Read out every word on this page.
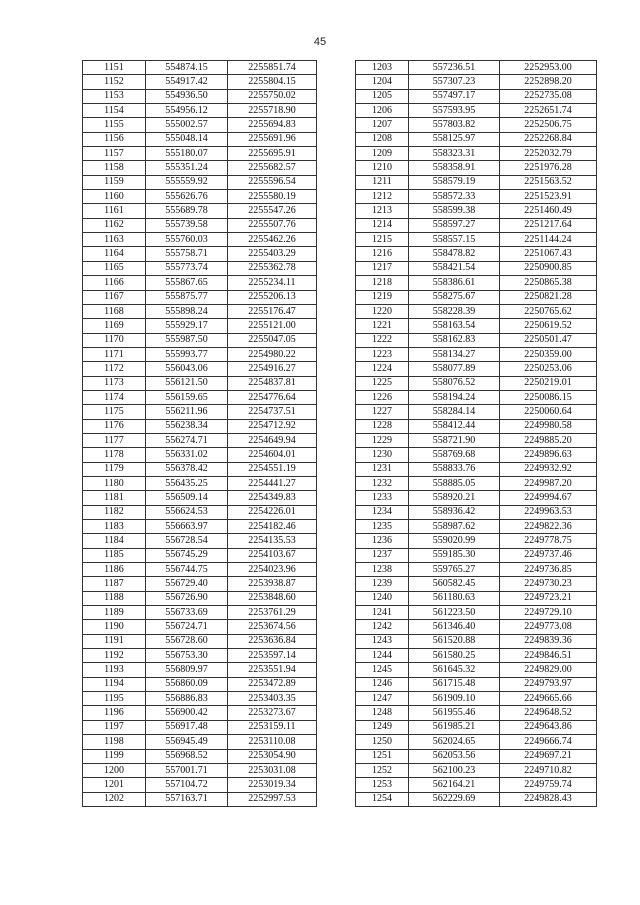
45
1151	554874.15	2255851.74
1152	554917.42	2255804.15
1153	554936.50	2255750.02
1154	554956.12	2255718.90
1155	555002.57	2255694.83
1156	555048.14	2255691.96
1157	555180.07	2255695.91
1158	555351.24	2255682.57
1159	555559.92	2255596.54
1160	555626.76	2255580.19
1161	555689.78	2255547.26
1162	555739.58	2255507.76
1163	555760.03	2255462.26
1164	555758.71	2255403.29
1165	555773.74	2255362.78
1166	555867.65	2255234.11
1167	555875.77	2255206.13
1168	555898.24	2255176.47
1169	555929.17	2255121.00
1170	555987.50	2255047.05
1171	555993.77	2254980.22
1172	556043.06	2254916.27
1173	556121.50	2254837.81
1174	556159.65	2254776.64
1175	556211.96	2254737.51
1176	556238.34	2254712.92
1177	556274.71	2254649.94
1178	556331.02	2254604.01
1179	556378.42	2254551.19
1180	556435.25	2254441.27
1181	556509.14	2254349.83
1182	556624.53	2254226.01
1183	556663.97	2254182.46
1184	556728.54	2254135.53
1185	556745.29	2254103.67
1186	556744.75	2254023.96
1187	556729.40	2253938.87
1188	556726.90	2253848.60
1189	556733.69	2253761.29
1190	556724.71	2253674.56
1191	556728.60	2253636.84
1192	556753.30	2253597.14
1193	556809.97	2253551.94
1194	556860.09	2253472.89
1195	556886.83	2253403.35
1196	556900.42	2253273.67
1197	556917.48	2253159.11
1198	556945.49	2253110.08
1199	556968.52	2253054.90
1200	557001.71	2253031.08
1201	557104.72	2253019.34
1202	557163.71	2252997.53
1203	557236.51	2252953.00
1204	557307.23	2252898.20
1205	557497.17	2252735.08
1206	557593.95	2252651.74
1207	557803.82	2252506.75
1208	558125.97	2252268.84
1209	558323.31	2252032.79
1210	558358.91	2251976.28
1211	558579.19	2251563.52
1212	558572.33	2251523.91
1213	558599.38	2251460.49
1214	558597.27	2251217.64
1215	558557.15	2251144.24
1216	558478.82	2251067.43
1217	558421.54	2250900.85
1218	558386.61	2250865.38
1219	558275.67	2250821.28
1220	558228.39	2250765.62
1221	558163.54	2250619.52
1222	558162.83	2250501.47
1223	558134.27	2250359.00
1224	558077.89	2250253.06
1225	558076.52	2250219.01
1226	558194.24	2250086.15
1227	558284.14	2250060.64
1228	558412.44	2249980.58
1229	558721.90	2249885.20
1230	558769.68	2249896.63
1231	558833.76	2249932.92
1232	558885.05	2249987.20
1233	558920.21	2249994.67
1234	558936.42	2249963.53
1235	558987.62	2249822.36
1236	559020.99	2249778.75
1237	559185.30	2249737.46
1238	559765.27	2249736.85
1239	560582.45	2249730.23
1240	561180.63	2249723.21
1241	561223.50	2249729.10
1242	561346.40	2249773.08
1243	561520.88	2249839.36
1244	561580.25	2249846.51
1245	561645.32	2249829.00
1246	561715.48	2249793.97
1247	561909.10	2249665.66
1248	561955.46	2249648.52
1249	561985.21	2249643.86
1250	562024.65	2249666.74
1251	562053.56	2249697.21
1252	562100.23	2249710.82
1253	562164.21	2249759.74
1254	562229.69	2249828.43
